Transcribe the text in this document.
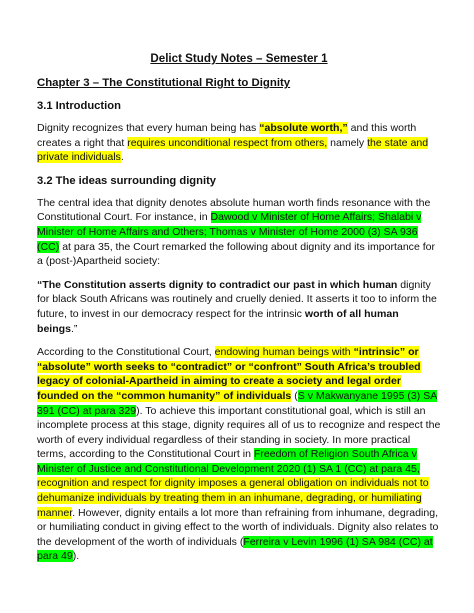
Delict Study Notes – Semester 1
Chapter 3 – The Constitutional Right to Dignity
3.1 Introduction

Dignity recognizes that every human being has “absolute worth,” and this worth creates a right that requires unconditional respect from others, namely the state and private individuals.

3.2 The ideas surrounding dignity

The central idea that dignity denotes absolute human worth finds resonance with the Constitutional Court. For instance, in Dawood v Minister of Home Affairs; Shalabi v Minister of Home Affairs and Others; Thomas v Minister of Home 2000 (3) SA 936 (CC) at para 35, the Court remarked the following about dignity and its importance for a (post-)Apartheid society:

“The Constitution asserts dignity to contradict our past in which human dignity for black South Africans was routinely and cruelly denied. It asserts it too to inform the future, to invest in our democracy respect for the intrinsic worth of all human beings.”

According to the Constitutional Court, endowing human beings with “intrinsic” or “absolute” worth seeks to “contradict” or “confront” South Africa’s troubled legacy of colonial-Apartheid in aiming to create a society and legal order founded on the “common humanity” of individuals (S v Makwanyane 1995 (3) SA 391 (CC) at para 329). To achieve this important constitutional goal, which is still an incomplete process at this stage, dignity requires all of us to recognize and respect the worth of every individual regardless of their standing in society. In more practical terms, according to the Constitutional Court in Freedom of Religion South Africa v Minister of Justice and Constitutional Development 2020 (1) SA 1 (CC) at para 45, recognition and respect for dignity imposes a general obligation on individuals not to dehumanize individuals by treating them in an inhumane, degrading, or humiliating manner. However, dignity entails a lot more than refraining from inhumane, degrading, or humiliating conduct in giving effect to the worth of individuals. Dignity also relates to the development of the worth of individuals (Ferreira v Levin 1996 (1) SA 984 (CC) at para 49).
